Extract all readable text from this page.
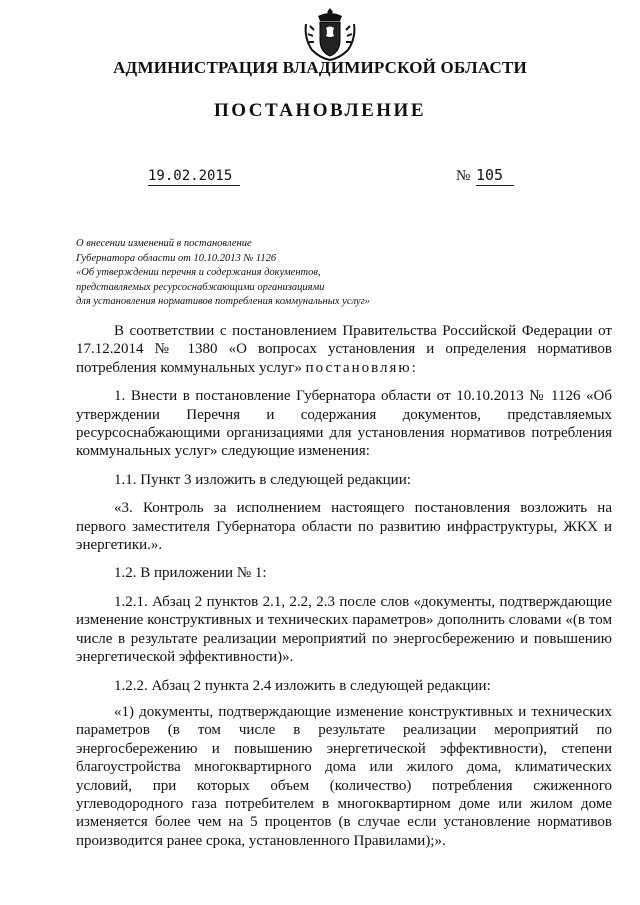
АДМИНИСТРАЦИЯ ВЛАДИМИРСКОЙ ОБЛАСТИ
ПОСТАНОВЛЕНИЕ
19.02.2015	№ 105
О внесении изменений в постановление
Губернатора области от 10.10.2013 № 1126
«Об утверждении перечня и содержания документов,
представляемых ресурсоснабжающими организациями
для установления нормативов потребления коммунальных услуг»

В соответствии с постановлением Правительства Российской Федерации от 17.12.2014 № 1380 «О вопросах установления и определения нормативов потребления коммунальных услуг» постановляю:

1. Внести в постановление Губернатора области от 10.10.2013 № 1126 «Об утверждении Перечня и содержания документов, представляемых ресурсоснабжающими организациями для установления нормативов потребления коммунальных услуг» следующие изменения:

1.1. Пункт 3 изложить в следующей редакции:

«3. Контроль за исполнением настоящего постановления возложить на первого заместителя Губернатора области по развитию инфраструктуры, ЖКХ и энергетики.».

1.2. В приложении № 1:

1.2.1. Абзац 2 пунктов 2.1, 2.2, 2.3 после слов «документы, подтверждающие изменение конструктивных и технических параметров» дополнить словами «(в том числе в результате реализации мероприятий по энергосбережению и повышению энергетической эффективности)».

1.2.2. Абзац 2 пункта 2.4 изложить в следующей редакции:

«1) документы, подтверждающие изменение конструктивных и технических параметров (в том числе в результате реализации мероприятий по энергосбережению и повышению энергетической эффективности), степени благоустройства многоквартирного дома или жилого дома, климатических условий, при которых объем (количество) потребления сжиженного углеводородного газа потребителем в многоквартирном доме или жилом доме изменяется более чем на 5 процентов (в случае если установление нормативов производится ранее срока, установленного Правилами);».
